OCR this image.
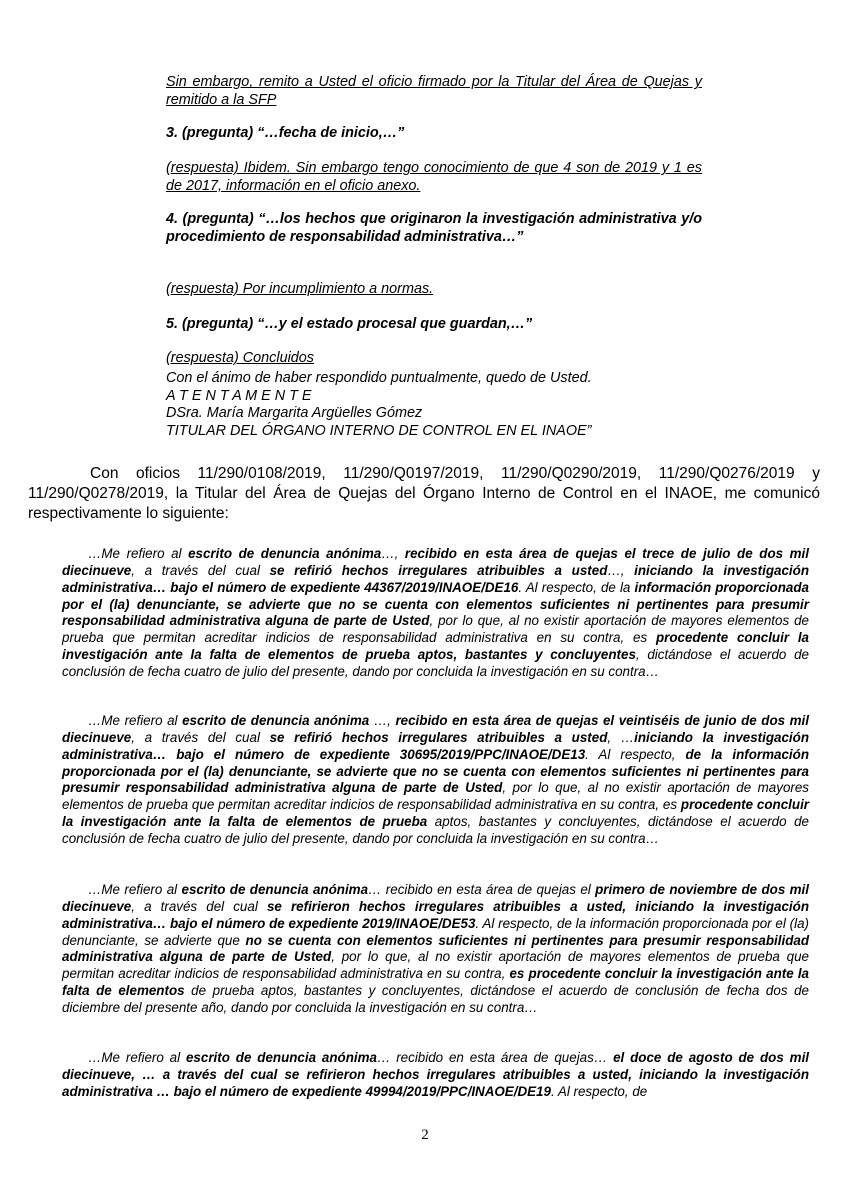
Sin embargo, remito a Usted el oficio firmado por la Titular del Área de Quejas y remitido a la SFP

3. (pregunta) “…fecha de inicio,…”

(respuesta) Ibidem. Sin embargo tengo conocimiento de que 4 son de 2019 y 1 es de 2017, información en el oficio anexo.

4. (pregunta) “…los hechos que originaron la investigación administrativa y/o procedimiento de responsabilidad administrativa…”

(respuesta) Por incumplimiento a normas.

5. (pregunta) “…y el estado procesal que guardan,…”

(respuesta) Concluidos

Con el ánimo de haber respondido puntualmente, quedo de Usted.

A T E N T A M E N T E

DSra. María Margarita Argüelles Gómez

TITULAR DEL ÓRGANO INTERNO DE CONTROL EN EL INAOE”

Con oficios 11/290/0108/2019, 11/290/Q0197/2019, 11/290/Q0290/2019, 11/290/Q0276/2019 y 11/290/Q0278/2019, la Titular del Área de Quejas del Órgano Interno de Control en el INAOE, me comunicó respectivamente lo siguiente:

…Me refiero al escrito de denuncia anónima…, recibido en esta área de quejas el trece de julio de dos mil diecinueve, a través del cual se refirió hechos irregulares atribuibles a usted…, iniciando la investigación administrativa… bajo el número de expediente 44367/2019/INAOE/DE16. Al respecto, de la información proporcionada por el (la) denunciante, se advierte que no se cuenta con elementos suficientes ni pertinentes para presumir responsabilidad administrativa alguna de parte de Usted, por lo que, al no existir aportación de mayores elementos de prueba que permitan acreditar indicios de responsabilidad administrativa en su contra, es procedente concluir la investigación ante la falta de elementos de prueba aptos, bastantes y concluyentes, dictándose el acuerdo de conclusión de fecha cuatro de julio del presente, dando por concluida la investigación en su contra…

…Me refiero al escrito de denuncia anónima …, recibido en esta área de quejas el veintiséis de junio de dos mil diecinueve, a través del cual se refirió hechos irregulares atribuibles a usted, …iniciando la investigación administrativa… bajo el número de expediente 30695/2019/PPC/INAOE/DE13. Al respecto, de la información proporcionada por el (la) denunciante, se advierte que no se cuenta con elementos suficientes ni pertinentes para presumir responsabilidad administrativa alguna de parte de Usted, por lo que, al no existir aportación de mayores elementos de prueba que permitan acreditar indicios de responsabilidad administrativa en su contra, es procedente concluir la investigación ante la falta de elementos de prueba aptos, bastantes y concluyentes, dictándose el acuerdo de conclusión de fecha cuatro de julio del presente, dando por concluida la investigación en su contra…

…Me refiero al escrito de denuncia anónima… recibido en esta área de quejas el primero de noviembre de dos mil diecinueve, a través del cual se refirieron hechos irregulares atribuibles a usted, iniciando la investigación administrativa… bajo el número de expediente 2019/INAOE/DE53. Al respecto, de la información proporcionada por el (la) denunciante, se advierte que no se cuenta con elementos suficientes ni pertinentes para presumir responsabilidad administrativa alguna de parte de Usted, por lo que, al no existir aportación de mayores elementos de prueba que permitan acreditar indicios de responsabilidad administrativa en su contra, es procedente concluir la investigación ante la falta de elementos de prueba aptos, bastantes y concluyentes, dictándose el acuerdo de conclusión de fecha dos de diciembre del presente año, dando por concluida la investigación en su contra…

…Me refiero al escrito de denuncia anónima… recibido en esta área de quejas… el doce de agosto de dos mil diecinueve, … a través del cual se refirieron hechos irregulares atribuibles a usted, iniciando la investigación administrativa … bajo el número de expediente 49994/2019/PPC/INAOE/DE19. Al respecto, de

2
